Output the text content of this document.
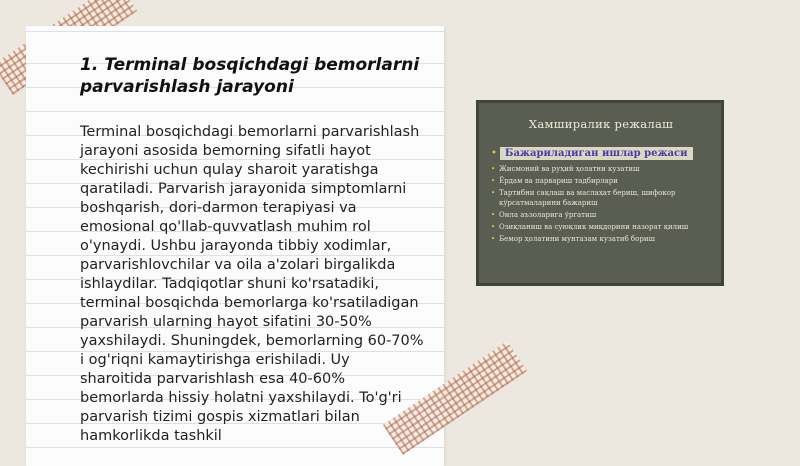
1. Terminal bosqichdagi bemorlarni parvarishlash jarayoni

Terminal bosqichdagi bemorlarni parvarishlash jarayoni asosida bemorning sifatli hayot kechirishi uchun qulay sharoit yaratishga qaratiladi. Parvarish jarayonida simptomlarni boshqarish, dori-darmon terapiyasi va emosional qo'llab-quvvatlash muhim rol o'ynaydi. Ushbu jarayonda tibbiy xodimlar, parvarishlovchilar va oila a'zolari birgalikda ishlaydilar. Tadqiqotlar shuni ko'rsatadiki, terminal bosqichda bemorlarga ko'rsatiladigan parvarish ularning hayot sifatini 30-50% yaxshilaydi. Shuningdek, bemorlarning 60-70% i og'riqni kamaytirishga erishiladi. Uy sharoitida parvarishlash esa 40-60% bemorlarda hissiy holatni yaxshilaydi. To'g'ri parvarish tizimi gospis xizmatlari bilan hamkorlikda tashkil

Хамширалик режалаш
• Бажариладиган ишлар режаси
• Жисмоний ва руҳий ҳолатни кузатиш
• Ёрдам ва парвариш тадбирлари
• Тартибни сақлаш ва маслаҳат бериш, шифокор кўрсатмаларини бажариш
• Оила аъзоларига ўргатиш
• Озиқланиш ва суюқлик миқдорини назорат қилиш
• Бемор ҳолатини мунтазам кузатиб бориш
